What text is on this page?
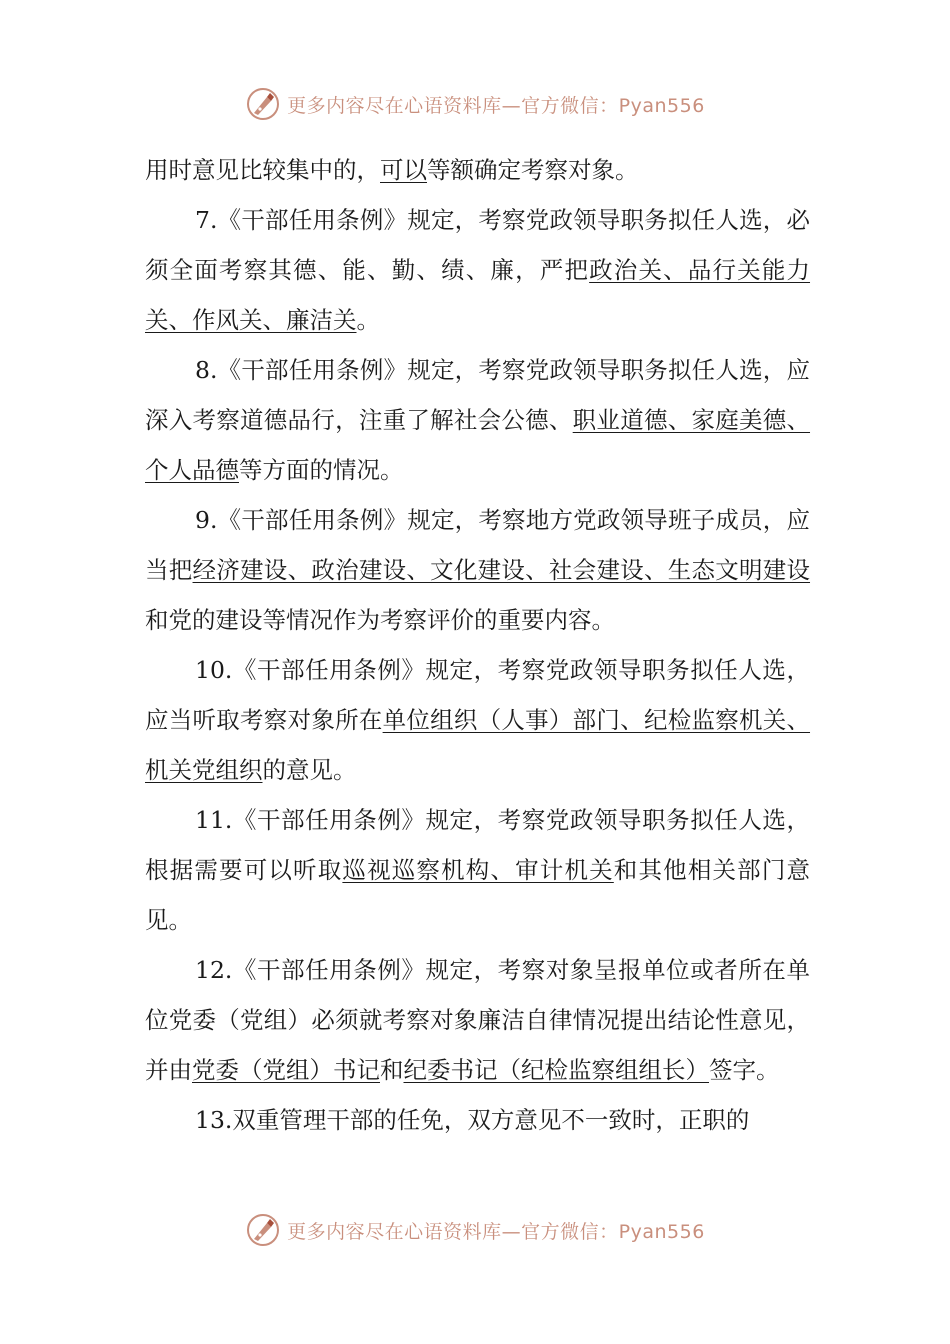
更多内容尽在心语资料库—官方微信：Pyan556

用时意见比较集中的，可以等额确定考察对象。

7.《干部任用条例》规定，考察党政领导职务拟任人选，必须全面考察其德、能、勤、绩、廉，严把政治关、品行关能力关、作风关、廉洁关。

8.《干部任用条例》规定，考察党政领导职务拟任人选，应深入考察道德品行，注重了解社会公德、职业道德、家庭美德、个人品德等方面的情况。

9.《干部任用条例》规定，考察地方党政领导班子成员，应当把经济建设、政治建设、文化建设、社会建设、生态文明建设和党的建设等情况作为考察评价的重要内容。

10.《干部任用条例》规定，考察党政领导职务拟任人选，应当听取考察对象所在单位组织（人事）部门、纪检监察机关、机关党组织的意见。

11.《干部任用条例》规定，考察党政领导职务拟任人选，根据需要可以听取巡视巡察机构、审计机关和其他相关部门意见。

12.《干部任用条例》规定，考察对象呈报单位或者所在单位党委（党组）必须就考察对象廉洁自律情况提出结论性意见，并由党委（党组）书记和纪委书记（纪检监察组组长）签字。

13.双重管理干部的任免，双方意见不一致时，正职的

更多内容尽在心语资料库—官方微信：Pyan556
